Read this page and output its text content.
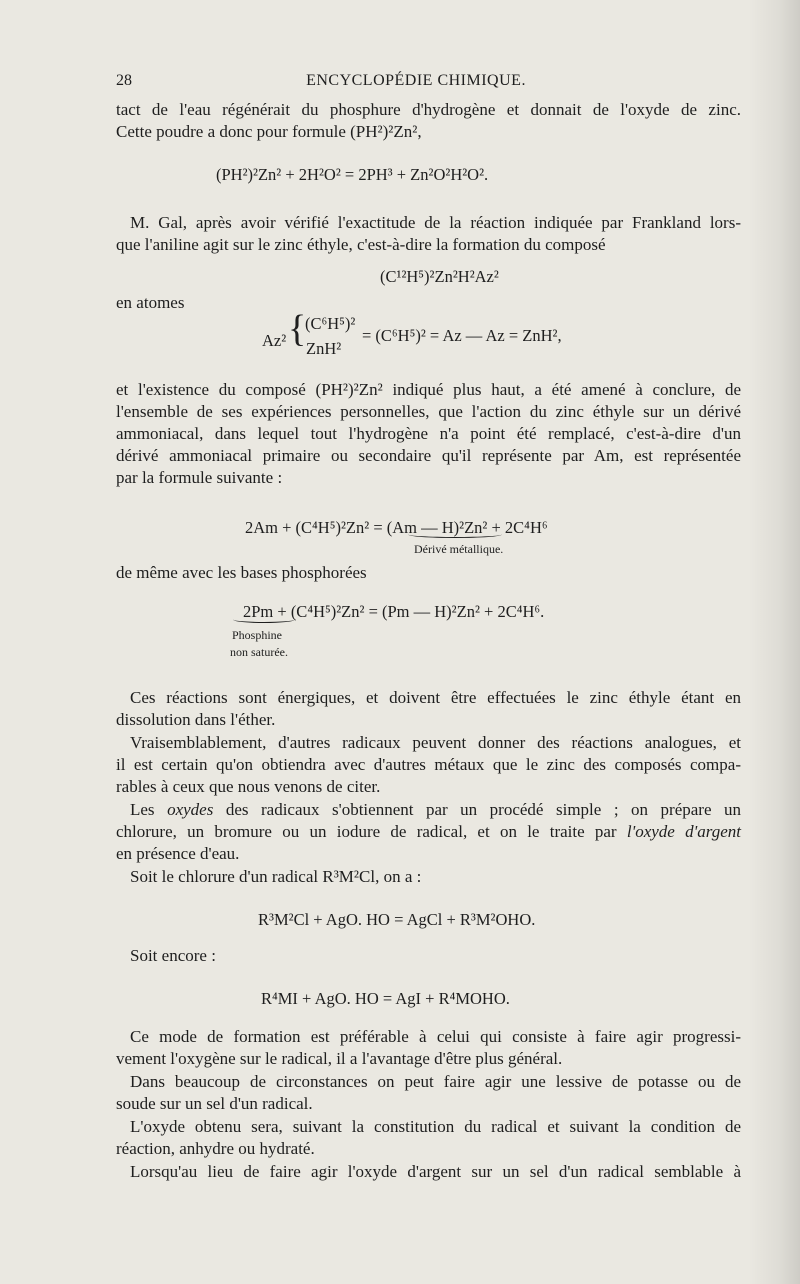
28	ENCYCLOPÉDIE CHIMIQUE.
tact de l'eau régénérait du phosphure d'hydrogène et donnait de l'oxyde de zinc.
Cette poudre a donc pour formule (PH²)²Zn²,
(PH²)²Zn² + 2H²O² = 2PH³ + Zn²O²H²O².
M. Gal, après avoir vérifié l'exactitude de la réaction indiquée par Frankland lors-
que l'aniline agit sur le zinc éthyle, c'est-à-dire la formation du composé
(C¹²H⁵)²Zn²H²Az²
en atomes
Az² {
(C⁶H⁵)²
ZnH²
= (C⁶H⁵)² = Az — Az = ZnH²,
et l'existence du composé (PH²)²Zn² indiqué plus haut, a été amené à conclure, de
l'ensemble de ses expériences personnelles, que l'action du zinc éthyle sur un dérivé
ammoniacal, dans lequel tout l'hydrogène n'a point été remplacé, c'est-à-dire d'un
dérivé ammoniacal primaire ou secondaire qu'il représente par Am, est représentée
par la formule suivante :
2Am + (C⁴H⁵)²Zn² = (Am — H)²Zn² + 2C⁴H⁶
Dérivé métallique.
de même avec les bases phosphorées
2Pm + (C⁴H⁵)²Zn² = (Pm — H)²Zn² + 2C⁴H⁶.
Phosphine
non saturée.
Ces réactions sont énergiques, et doivent être effectuées le zinc éthyle étant en
dissolution dans l'éther.
Vraisemblablement, d'autres radicaux peuvent donner des réactions analogues, et
il est certain qu'on obtiendra avec d'autres métaux que le zinc des composés compa-
rables à ceux que nous venons de citer.
Les oxydes des radicaux s'obtiennent par un procédé simple ; on prépare un
chlorure, un bromure ou un iodure de radical, et on le traite par l'oxyde d'argent
en présence d'eau.
Soit le chlorure d'un radical R³M²Cl, on a :
R³M²Cl + AgO. HO = AgCl + R³M²OHO.
Soit encore :
R⁴MI + AgO. HO = AgI + R⁴MOHO.
Ce mode de formation est préférable à celui qui consiste à faire agir progressi-
vement l'oxygène sur le radical, il a l'avantage d'être plus général.
Dans beaucoup de circonstances on peut faire agir une lessive de potasse ou de
soude sur un sel d'un radical.
L'oxyde obtenu sera, suivant la constitution du radical et suivant la condition de
réaction, anhydre ou hydraté.
Lorsqu'au lieu de faire agir l'oxyde d'argent sur un sel d'un radical semblable à
